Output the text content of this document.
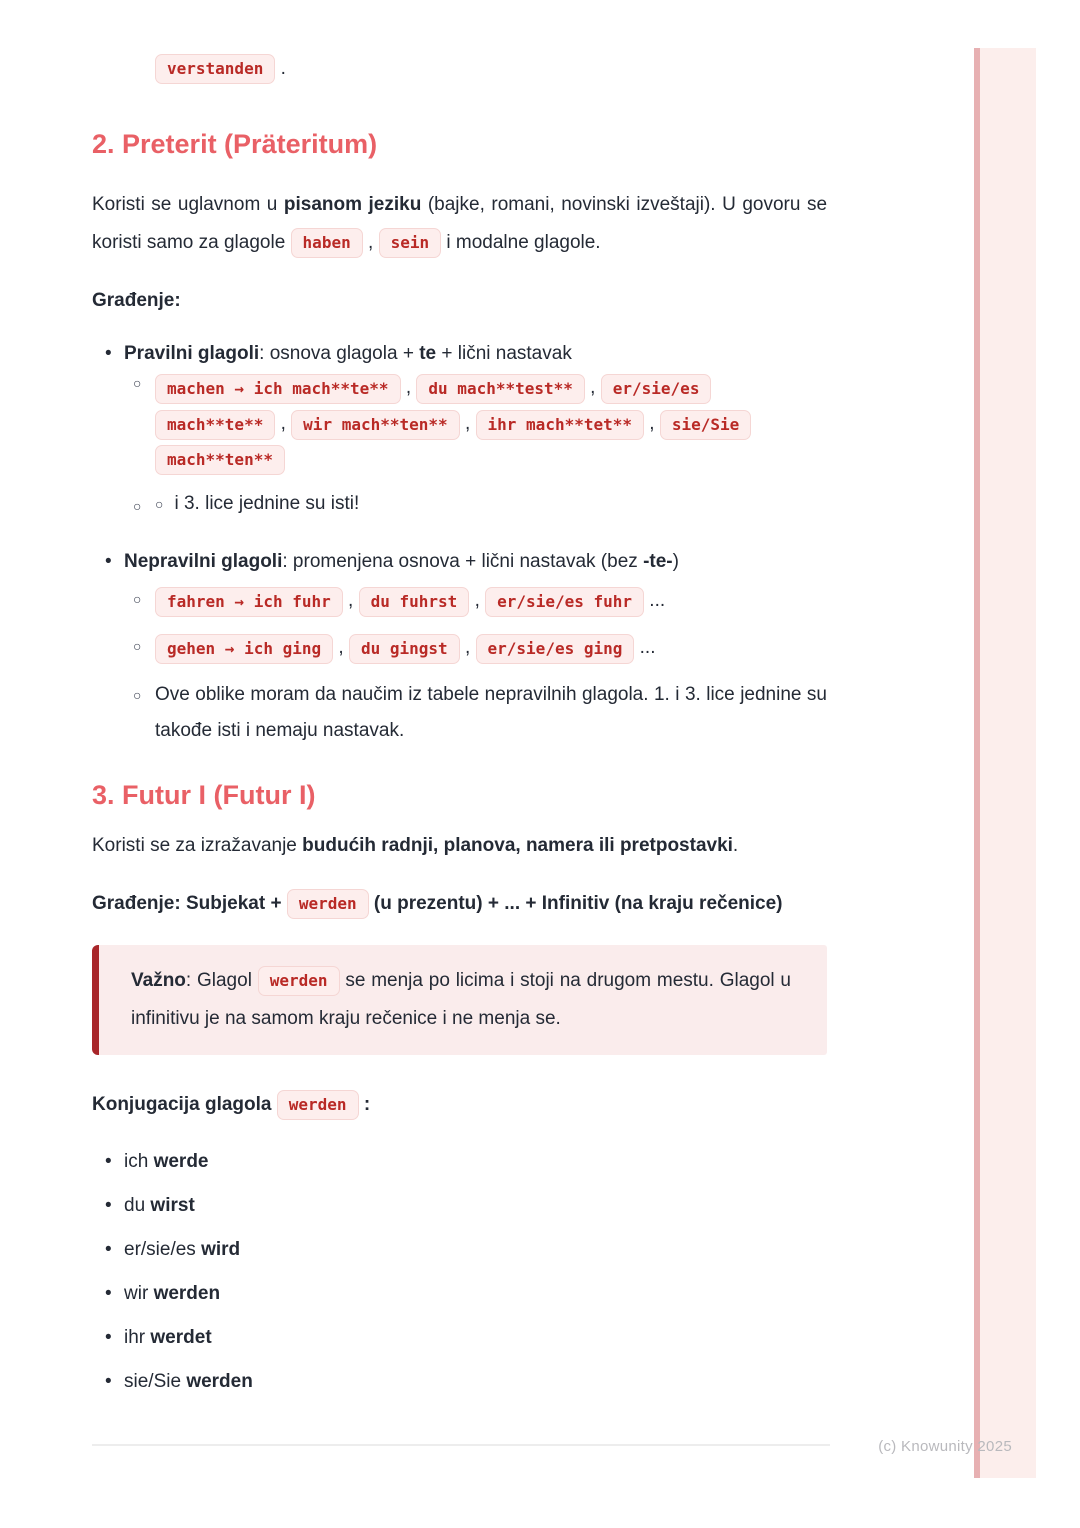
verstanden .

2. Preterit (Präteritum)

Koristi se uglavnom u pisanom jeziku (bajke, romani, novinski izveštaji). U govoru se koristi samo za glagole haben , sein i modalne glagole.

Građenje:

• Pravilni glagoli: osnova glagola + te + lični nastavak

○	machen → ich mach**te** , du mach**test** , er/sie/es mach**te** , wir mach**ten** , ihr mach**tet** , sie/Sie mach**ten**
○ ○ i 3. lice jednine su isti!
• Nepravilni glagoli: promenjena osnova + lični nastavak (bez -te-)

○	fahren → ich fuhr , du fuhrst , er/sie/es fuhr ...
○	gehen → ich ging , du gingst , er/sie/es ging ...
○ Ove oblike moram da naučim iz tabele nepravilnih glagola. 1. i 3. lice jednine su takođe isti i nemaju nastavak.
3. Futur I (Futur I)

Koristi se za izražavanje budućih radnji, planova, namera ili pretpostavki.

Građenje: Subjekat + werden (u prezentu) + ... + Infinitiv (na kraju rečenice)

Važno: Glagol werden se menja po licima i stoji na drugom mestu. Glagol u infinitivu je na samom kraju rečenice i ne menja se.

Konjugacija glagola werden :

• ich werde

• du wirst

• er/sie/es wird

• wir werden

• ihr werdet

• sie/Sie werden

(c) Knowunity 2025
